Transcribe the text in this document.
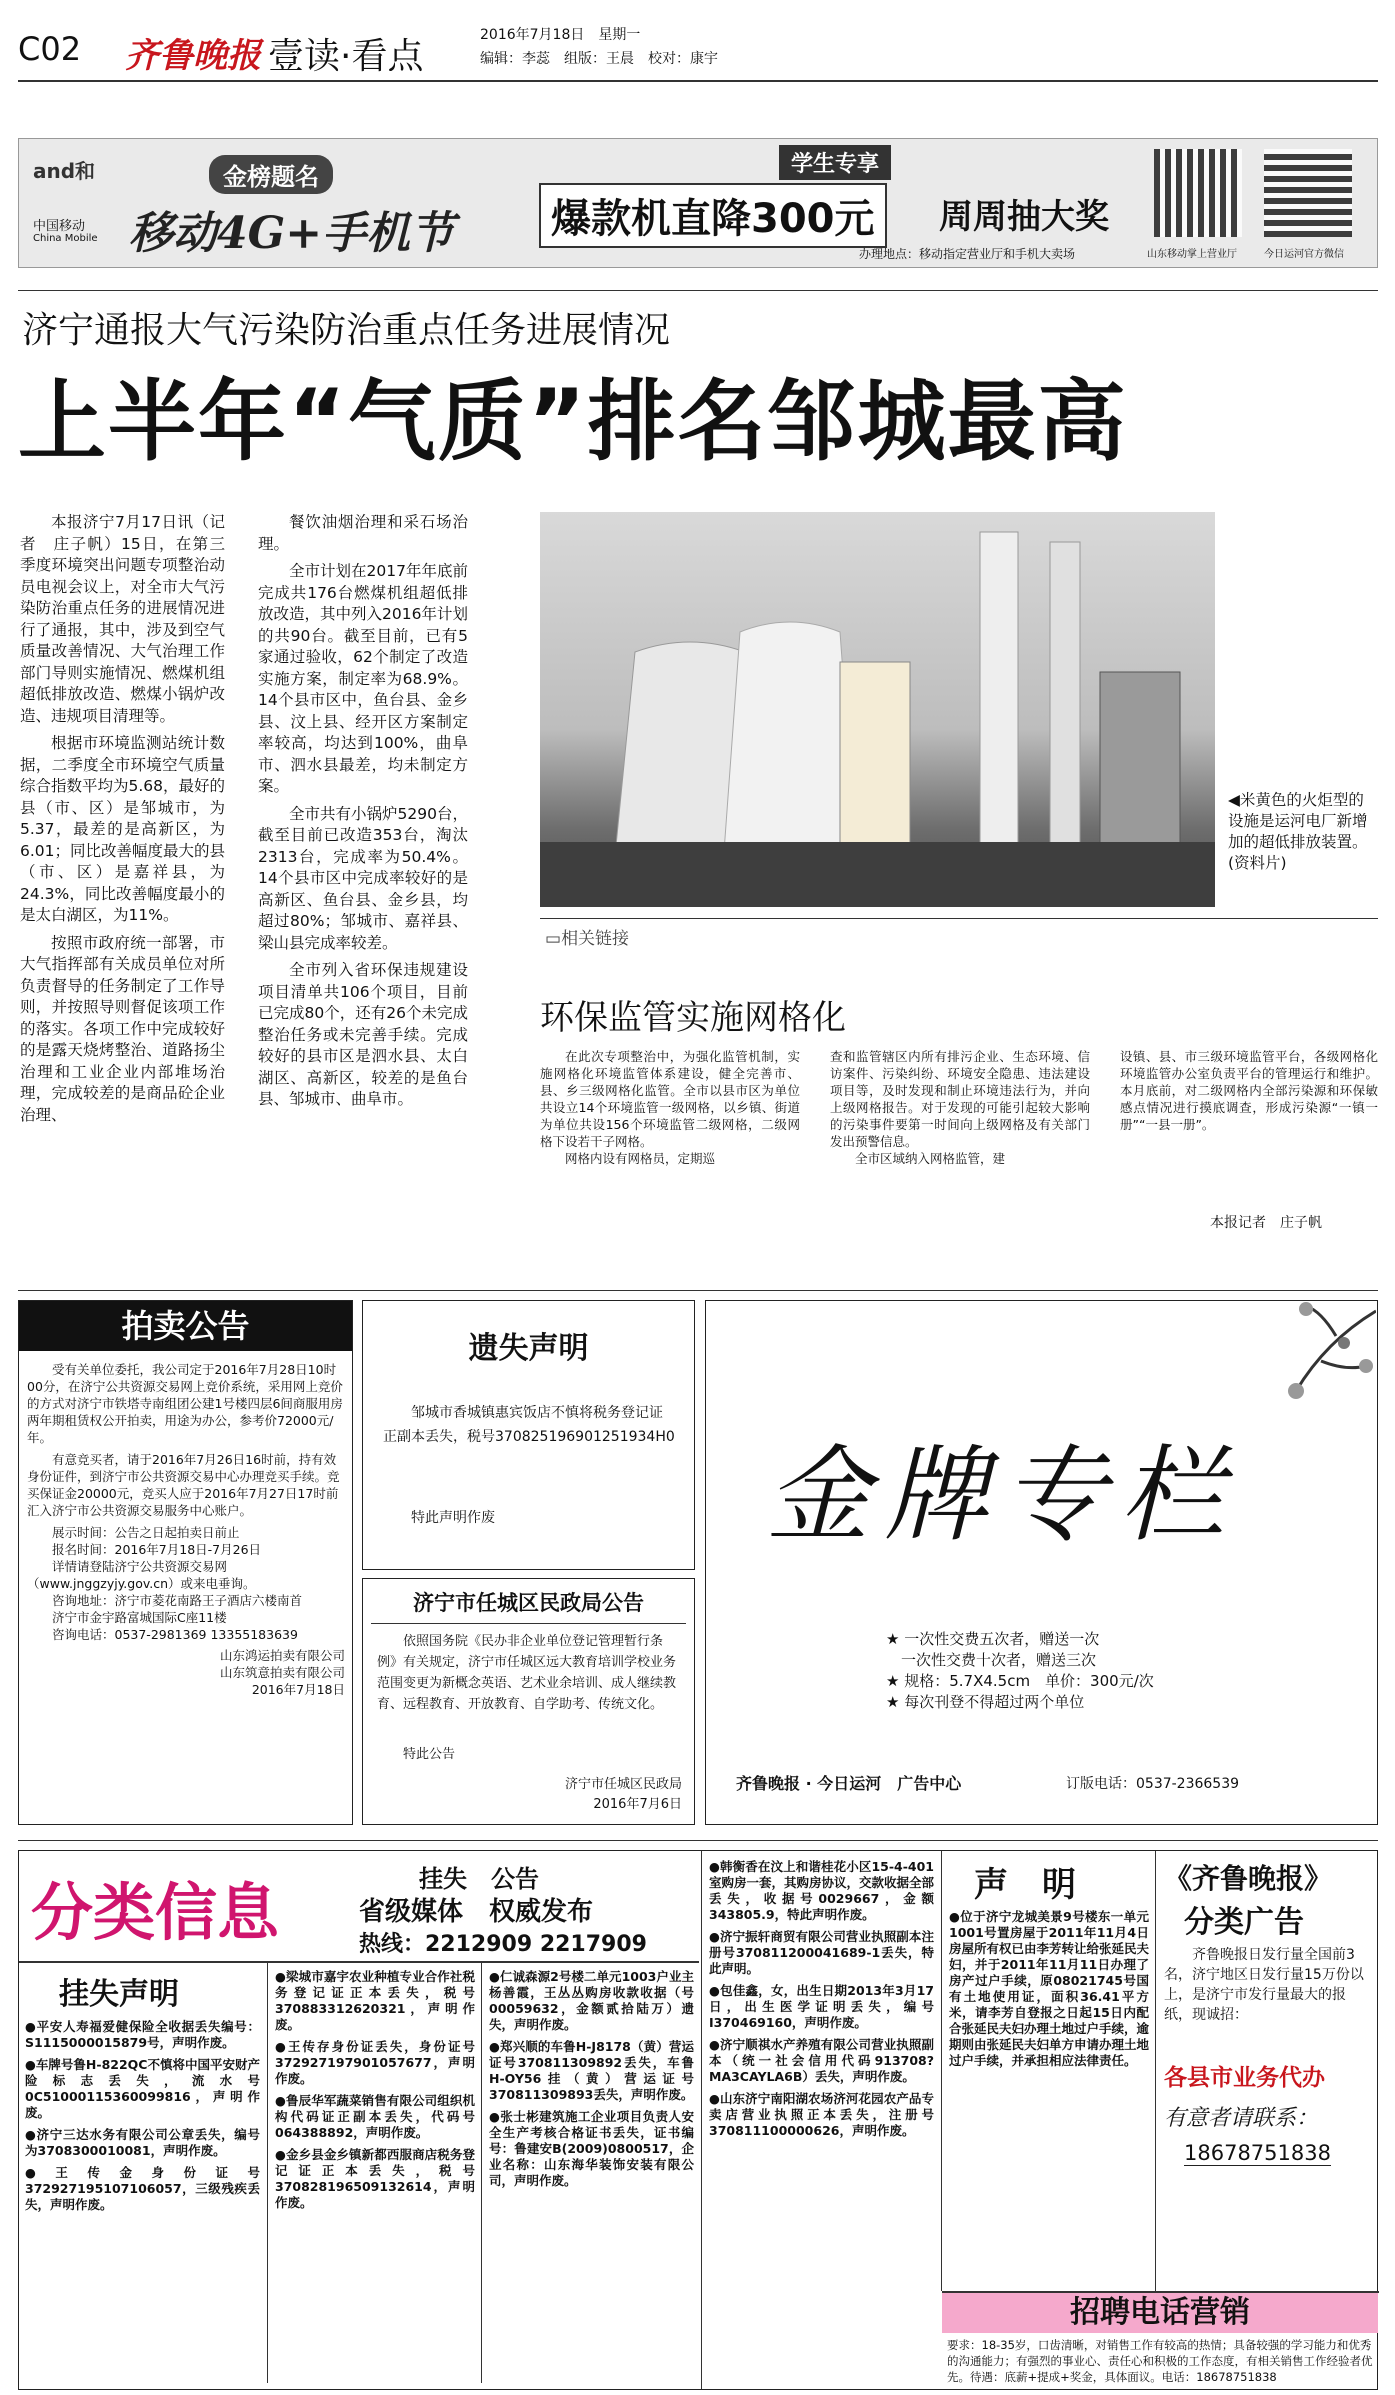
C02 齐鲁晚报 壹读·看点
2016年7月18日　星期一
编辑：李蕊　组版：王晨　校对：康宇
and和
中国移动
China Mobile
金榜题名
移动4G+手机节
学生专享
爆款机直降300元	周周抽大奖
办理地点：移动指定营业厅和手机大卖场	山东移动掌上营业厅	今日运河官方微信
济宁通报大气污染防治重点任务进展情况
上半年“气质”排名邹城最高

本报济宁7月17日讯（记者　庄子帆）15日，在第三季度环境突出问题专项整治动员电视会议上，对全市大气污染防治重点任务的进展情况进行了通报，其中，涉及到空气质量改善情况、大气治理工作部门导则实施情况、燃煤机组超低排放改造、燃煤小锅炉改造、违规项目清理等。

根据市环境监测站统计数据，二季度全市环境空气质量综合指数平均为5.68，最好的县（市、区）是邹城市，为5.37，最差的是高新区，为6.01；同比改善幅度最大的县（市、区）是嘉祥县，为24.3%，同比改善幅度最小的是太白湖区，为11%。

按照市政府统一部署，市大气指挥部有关成员单位对所负责督导的任务制定了工作导则，并按照导则督促该项工作的落实。各项工作中完成较好的是露天烧烤整治、道路扬尘治理和工业企业内部堆场治理，完成较差的是商品砼企业治理、

餐饮油烟治理和采石场治理。

全市计划在2017年年底前完成共176台燃煤机组超低排放改造，其中列入2016年计划的共90台。截至目前，已有5家通过验收，62个制定了改造实施方案，制定率为68.9%。14个县市区中，鱼台县、金乡县、汶上县、经开区方案制定率较高，均达到100%，曲阜市、泗水县最差，均未制定方案。

全市共有小锅炉5290台，截至目前已改造353台，淘汰2313台，完成率为50.4%。14个县市区中完成率较好的是高新区、鱼台县、金乡县，均超过80%；邹城市、嘉祥县、梁山县完成率较差。

全市列入省环保违规建设项目清单共106个项目，目前已完成80个，还有26个未完成整治任务或未完善手续。完成较好的县市区是泗水县、太白湖区、高新区，较差的是鱼台县、邹城市、曲阜市。

◀米黄色的火炬型的设施是运河电厂新增加的超低排放装置。(资料片)
▭相关链接
环保监管实施网格化

在此次专项整治中，为强化监管机制，实施网格化环境监管体系建设，健全完善市、县、乡三级网格化监管。全市以县市区为单位共设立14个环境监管一级网格，以乡镇、街道为单位共设156个环境监管二级网格，二级网格下设若干子网格。

网格内设有网格员，定期巡

查和监管辖区内所有排污企业、生态环境、信访案件、污染纠纷、环境安全隐患、违法建设项目等，及时发现和制止环境违法行为，并向上级网格报告。对于发现的可能引起较大影响的污染事件要第一时间向上级网格及有关部门发出预警信息。

全市区域纳入网格监管，建

设镇、县、市三级环境监管平台，各级网格化环境监管办公室负责平台的管理运行和维护。本月底前，对二级网格内全部污染源和环保敏感点情况进行摸底调查，形成污染源“一镇一册”“一县一册”。

本报记者　庄子帆
拍卖公告
受有关单位委托，我公司定于2016年7月28日10时00分，在济宁公共资源交易网上竞价系统，采用网上竞价的方式对济宁市铁塔寺南组团公建1号楼四层6间商服用房两年期租赁权公开拍卖，用途为办公，参考价72000元/年。
有意竞买者，请于2016年7月26日16时前，持有效身份证件，到济宁市公共资源交易中心办理竞买手续。竞买保证金20000元，竞买人应于2016年7月27日17时前汇入济宁市公共资源交易服务中心账户。
展示时间：公告之日起拍卖日前止
报名时间：2016年7月18日-7月26日
详情请登陆济宁公共资源交易网（www.jnggzyjy.gov.cn）或来电垂询。
咨询地址：济宁市菱花南路王子酒店六楼南首
济宁市金宇路富城国际C座11楼
咨询电话：0537-2981369 13355183639
山东鸿运拍卖有限公司
山东筑意拍卖有限公司
2016年7月18日
遗失声明
邹城市香城镇惠宾饭店不慎将税务登记证正副本丢失，税号370825196901251934H0
特此声明作废
济宁市任城区民政局公告
依照国务院《民办非企业单位登记管理暂行条例》有关规定，济宁市任城区远大教育培训学校业务范围变更为新概念英语、艺术业余培训、成人继续教育、远程教育、开放教育、自学助考、传统文化。
特此公告
济宁市任城区民政局
2016年7月6日
金牌专栏
★ 一次性交费五次者，赠送一次
　一次性交费十次者，赠送三次
★ 规格：5.7X4.5cm　单价：300元/次
★ 每次刊登不得超过两个单位
齐鲁晚报 · 今日运河　广告中心	订版电话：0537-2366539
分类信息	挂失　公告
省级媒体　权威发布
热线：2212909 2217909
挂失声明

●平安人寿福爱健保险全收据丢失编号：S1115000015879号，声明作废。

●车牌号鲁H-822QC不慎将中国平安财产险标志丢失，流水号0C51000115360099816，声明作废。

●济宁三达水务有限公司公章丢失，编号为3708300010081，声明作废。

●王传金身份证号372927195107106057，三级残疾丢失，声明作废。

●梁城市嘉宇农业种植专业合作社税务登记证正本丢失，税号370883312620321，声明作废。

●王传存身份证丢失，身份证号372927197901057677，声明作废。

●鲁辰华军蔬菜销售有限公司组织机构代码证正副本丢失，代码号064388892，声明作废。

●金乡县金乡镇新都西服商店税务登记证正本丢失，税号370828196509132614，声明作废。

●仁诚森源2号楼二单元1003户业主杨善霞，王丛丛购房收款收据（号00059632，金额贰拾陆万）遗失，声明作废。

●郑兴顺的车鲁H-J8178（黄）营运证号370811309892丢失，车鲁H-OY56挂（黄）营运证号370811309893丢失，声明作废。

●张士彬建筑施工企业项目负责人安全生产考核合格证书丢失，证书编号：鲁建安B(2009)0800517，企业名称：山东海华装饰安装有限公司，声明作废。

●韩衡香在汶上和谐桂花小区15-4-401室购房一套，其购房协议，交款收据全部丢失，收据号0029667，金额343805.9，特此声明作废。

●济宁振轩商贸有限公司营业执照副本注册号370811200041689-1丢失，特此声明。

●包佳鑫，女，出生日期2013年3月17日，出生医学证明丢失，编号I370469160，声明作废。

●济宁顺祺水产养殖有限公司营业执照副本（统一社会信用代码913708?MA3CAYLA6B）丢失，声明作废。

●山东济宁南阳湖农场济河花园农产品专卖店营业执照正本丢失，注册号370811100000626，声明作废。

声　明

●位于济宁龙城美景9号楼东一单元1001号置房屋于2011年11月4日房屋所有权已由李芳转让给张延民夫妇，并于2011年11月11日办理了房产过户手续，原08021745号国有土地使用证，面积36.41平方米，请李芳自登报之日起15日内配合张延民夫妇办理土地过户手续，逾期则由张延民夫妇单方申请办理土地过户手续，并承担相应法律责任。

《齐鲁晚报》
分类广告
齐鲁晚报日发行量全国前3名，济宁地区日发行量15万份以上，是济宁市发行量最大的报纸，现诚招：
各县市业务代办
有意者请联系：
18678751838
招聘电话营销
要求：18-35岁，口齿清晰，对销售工作有较高的热情；具备较强的学习能力和优秀的沟通能力；有强烈的事业心、责任心和积极的工作态度，有相关销售工作经验者优先。待遇：底薪+提成+奖金，具体面议。电话：18678751838
